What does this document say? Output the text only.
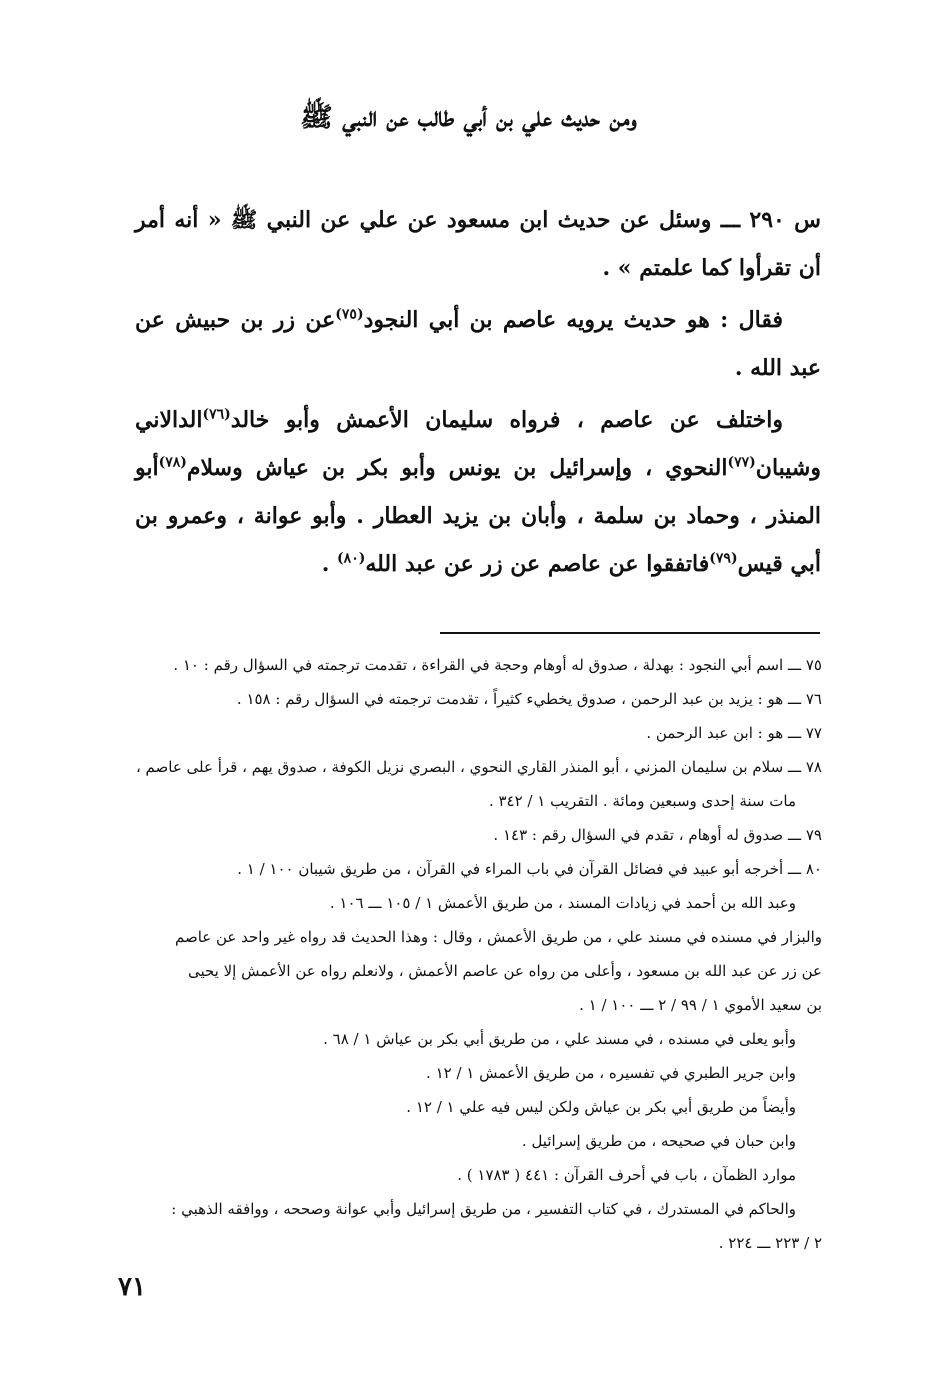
ومن حديث علي بن أبي طالب عن النبي ﷺ
س ٢٩٠ ـــ وسئل عن حديث ابن مسعود عن علي عن النبي ﷺ « أنه أمر أن تقرأوا كما علمتم » .
فقال : هو حديث يرويه عاصم بن أبي النجود$^{(٧٥)}$عن زر بن حبيش عن عبد الله .
واختلف عن عاصم ، فرواه سليمان الأعمش وأبو خالد$^{(٧٦)}$الدالاني وشيبان$^{(٧٧)}$النحوي ، وإسرائيل بن يونس وأبو بكر بن عياش وسلام$^{(٧٨)}$أبو المنذر ، وحماد بن سلمة ، وأبان بن يزيد العطار . وأبو عوانة ، وعمرو بن أبي قيس$^{(٧٩)}$فاتفقوا عن عاصم عن زر عن عبد الله$^{(٨٠)}$ .
٧٥ ـــ اسم أبي النجود : بهدلة ، صدوق له أوهام وحجة في القراءة ، تقدمت ترجمته في السؤال رقم : ١٠ .
٧٦ ـــ هو : يزيد بن عبد الرحمن ، صدوق يخطيء كثيراً ، تقدمت ترجمته في السؤال رقم : ١٥٨ .
٧٧ ـــ هو : ابن عبد الرحمن .
٧٨ ـــ سلام بن سليمان المزني ، أبو المنذر القاري النحوي ، البصري نزيل الكوفة ، صدوق يهم ، قرأ على عاصم ،
مات سنة إحدى وسبعين ومائة . التقريب ١ / ٣٤٢ .
٧٩ ـــ صدوق له أوهام ، تقدم في السؤال رقم : ١٤٣ .
٨٠ ـــ أخرجه أبو عبيد في فضائل القرآن في باب المراء في القرآن ، من طريق شيبان ١٠٠ / ١ .
وعبد الله بن أحمد في زيادات المسند ، من طريق الأعمش ١ / ١٠٥ ـــ ١٠٦ .
والبزار في مسنده في مسند علي ، من طريق الأعمش ، وقال : وهذا الحديث قد رواه غير واحد عن عاصم
عن زر عن عبد الله بن مسعود ، وأعلى من رواه عن عاصم الأعمش ، ولانعلم رواه عن الأعمش إلا يحيى
بن سعيد الأموي ١ / ٩٩ / ٢ ـــ ١٠٠ / ١ .
وأبو يعلى في مسنده ، في مسند علي ، من طريق أبي بكر بن عياش ١ / ٦٨ .
وابن جرير الطبري في تفسيره ، من طريق الأعمش ١ / ١٢ .
وأيضاً من طريق أبي بكر بن عياش ولكن ليس فيه علي ١ / ١٢ .
وابن حبان في صحيحه ، من طريق إسرائيل .
موارد الظمآن ، باب في أحرف القرآن : ٤٤١ ( ١٧٨٣ ) .
والحاكم في المستدرك ، في كتاب التفسير ، من طريق إسرائيل وأبي عوانة وصححه ، ووافقه الذهبي :
٢ / ٢٢٣ ـــ ٢٢٤ .
٧١
